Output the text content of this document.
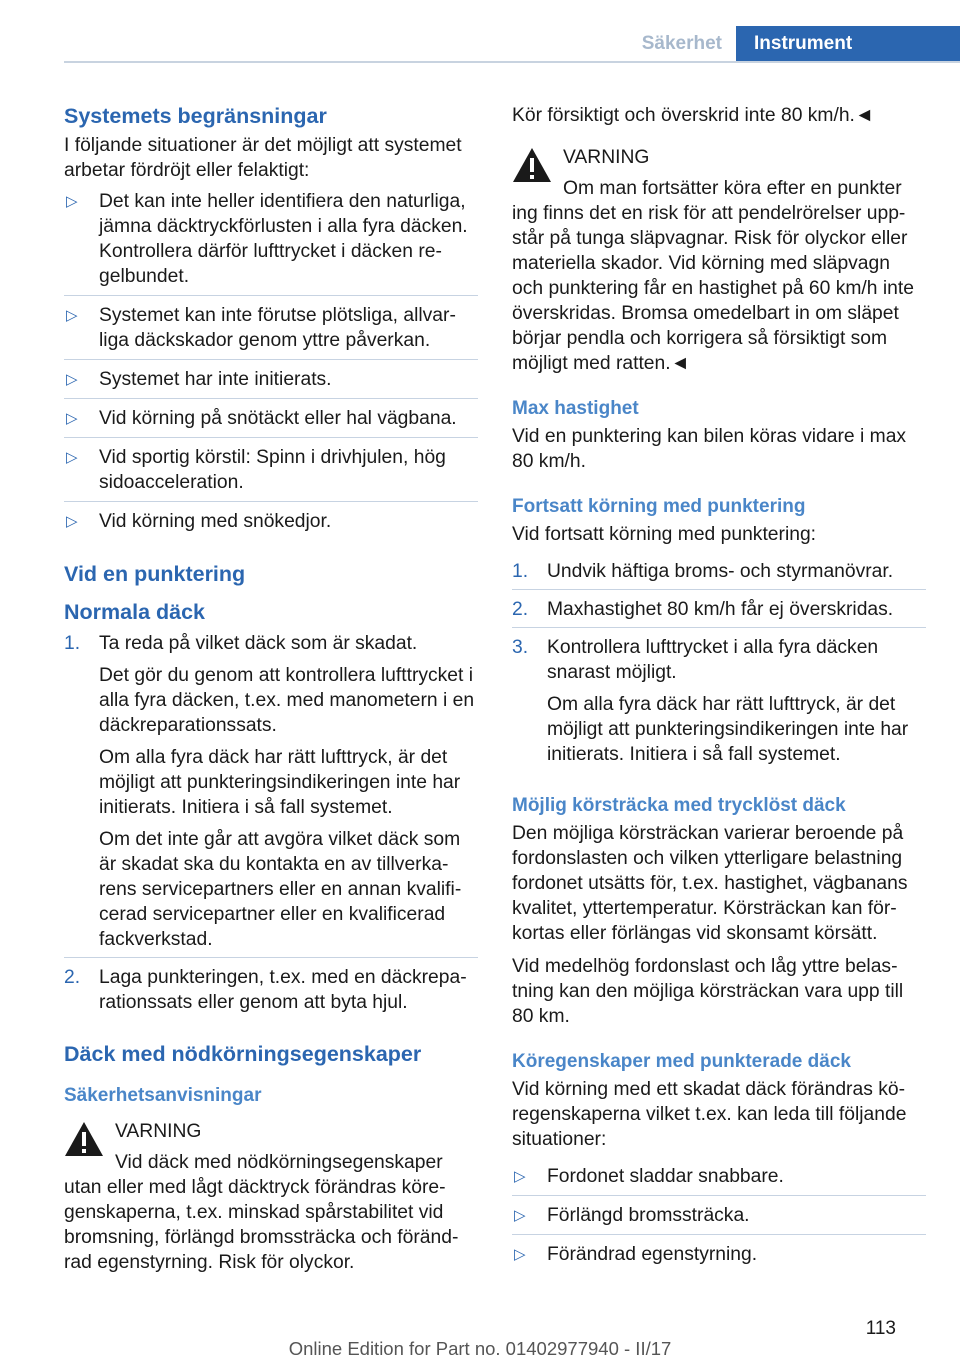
Säkerhet	Instrument
Systemets begränsningar

I följande situationer är det möjligt att systemet arbetar fördröjt eller felaktigt:

▷ Det kan inte heller identifiera den naturliga, jämna däcktryckförlusten i alla fyra däcken. Kontrollera därför lufttrycket i däcken regelbundet.
▷ Systemet kan inte förutse plötsliga, allvarliga däckskador genom yttre påverkan.
▷ Systemet har inte initierats.
▷ Vid körning på snötäckt eller hal vägbana.
▷ Vid sportig körstil: Spinn i drivhjulen, hög sidoacceleration.
▷ Vid körning med snökedjor.
Vid en punktering
Normala däck
1. Ta reda på vilket däck som är skadat.

Det gör du genom att kontrollera lufttrycket i alla fyra däcken, t.ex. med manometern i en däckreparationssats.

Om alla fyra däck har rätt lufttryck, är det möjligt att punkteringsindikeringen inte har initierats. Initiera i så fall systemet.

Om det inte går att avgöra vilket däck som är skadat ska du kontakta en av tillverkarens servicepartners eller en annan kvalificerad servicepartner eller en kvalificerad fackverkstad.

2. Laga punkteringen, t.ex. med en däckreparationssats eller genom att byta hjul.

Däck med nödkörningsegenskaper
Säkerhetsanvisningar

VARNING

Vid däck med nödkörningsegenskaper

utan eller med lågt däcktryck förändras köregenskaperna, t.ex. minskad spårstabilitet vid bromsning, förlängd bromssträcka och förändrad egenstyrning. Risk för olyckor.

Kör försiktigt och överskrid inte 80 km/h.◄

VARNING

Om man fortsätter köra efter en punkter

ing finns det en risk för att pendelrörelser uppstår på tunga släpvagnar. Risk för olyckor eller materiella skador. Vid körning med släpvagn och punktering får en hastighet på 60 km/h inte överskridas. Bromsa omedelbart in om släpet börjar pendla och korrigera så försiktigt som möjligt med ratten.◄

Max hastighet

Vid en punktering kan bilen köras vidare i max 80 km/h.

Fortsatt körning med punktering

Vid fortsatt körning med punktering:

1. Undvik häftiga broms- och styrmanövrar.

2. Maxhastighet 80 km/h får ej överskridas.

3. Kontrollera lufttrycket i alla fyra däcken snarast möjligt.

Om alla fyra däck har rätt lufttryck, är det möjligt att punkteringsindikeringen inte har initierats. Initiera i så fall systemet.

Möjlig körsträcka med trycklöst däck

Den möjliga körsträckan varierar beroende på fordonslasten och vilken ytterligare belastning fordonet utsätts för, t.ex. hastighet, vägbanans kvalitet, yttertemperatur. Körsträckan kan förkortas eller förlängas vid skonsamt körsätt.

Vid medelhög fordonslast och låg yttre belastning kan den möjliga körsträckan vara upp till 80 km.

Köregenskaper med punkterade däck

Vid körning med ett skadat däck förändras köregenskaperna vilket t.ex. kan leda till följande situationer:

▷ Fordonet sladdar snabbare.
▷ Förlängd bromssträcka.
▷ Förändrad egenstyrning.
113
Online Edition for Part no. 01402977940 - II/17
